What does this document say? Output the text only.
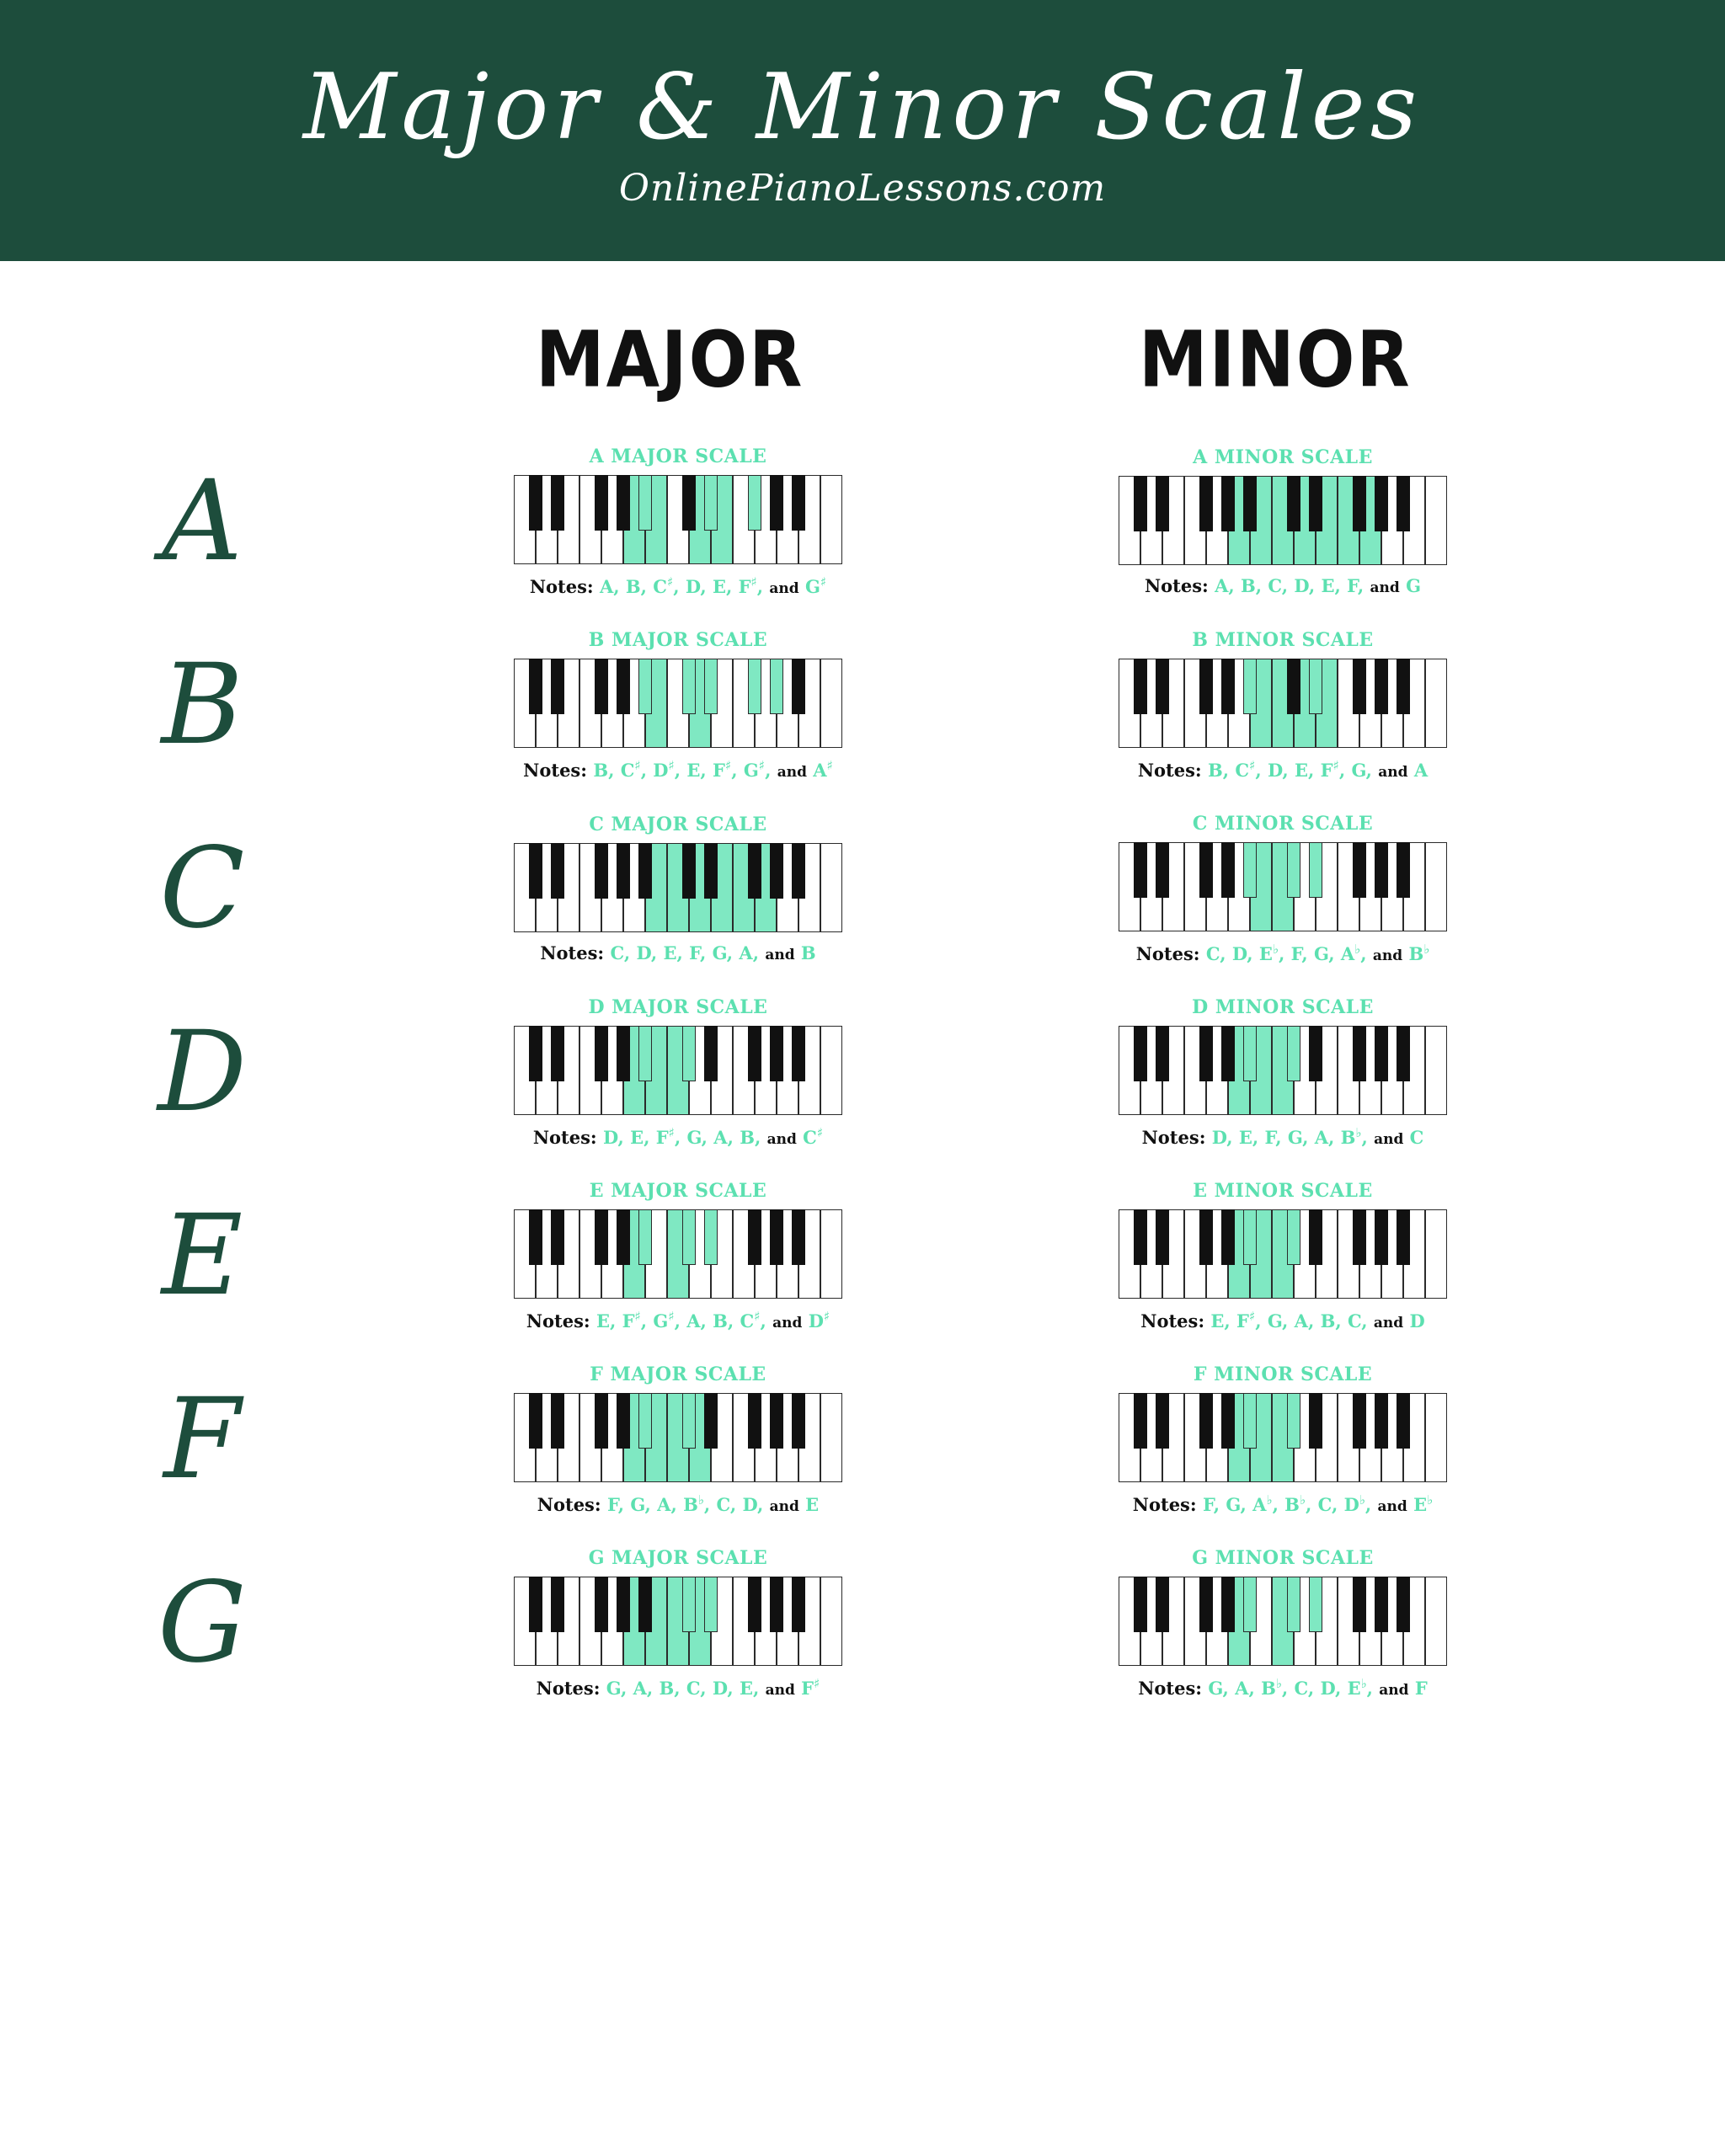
Major & Minor Scales
OnlinePianoLessons.com
MAJOR	MINOR
A	A MAJOR SCALE
Notes: A, B, C♯, D, E, F♯, and G♯
A MINOR SCALE
Notes: A, B, C, D, E, F, and G
B	B MAJOR SCALE
Notes: B, C♯, D♯, E, F♯, G♯, and A♯
B MINOR SCALE
Notes: B, C♯, D, E, F♯, G, and A
C	C MAJOR SCALE
Notes: C, D, E, F, G, A, and B
C MINOR SCALE
Notes: C, D, E♭, F, G, A♭, and B♭
D	D MAJOR SCALE
Notes: D, E, F♯, G, A, B, and C♯
D MINOR SCALE
Notes: D, E, F, G, A, B♭, and C
E	E MAJOR SCALE
Notes: E, F♯, G♯, A, B, C♯, and D♯
E MINOR SCALE
Notes: E, F♯, G, A, B, C, and D
F	F MAJOR SCALE
Notes: F, G, A, B♭, C, D, and E
F MINOR SCALE
Notes: F, G, A♭, B♭, C, D♭, and E♭
G	G MAJOR SCALE
Notes: G, A, B, C, D, E, and F♯
G MINOR SCALE
Notes: G, A, B♭, C, D, E♭, and F
